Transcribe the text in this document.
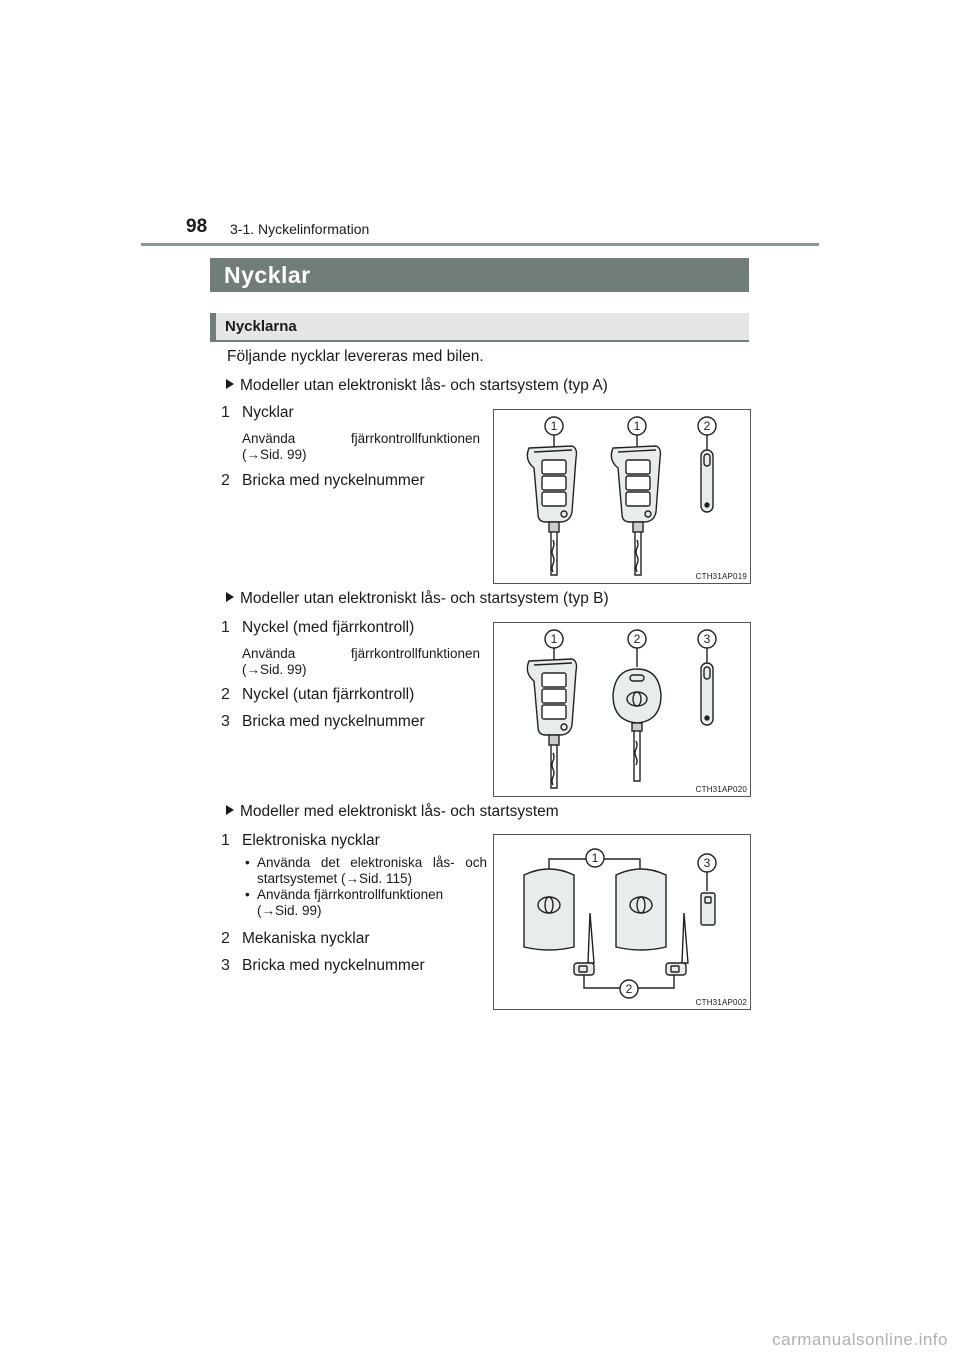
98 3-1. Nyckelinformation
Nycklar
Nycklarna
Följande nycklar levereras med bilen.
Modeller utan elektroniskt lås- och startsystem (typ A)
1 Nycklar
Använda	fjärrkontrollfunktionen
(→Sid. 99)
2 Bricka med nyckelnummer
1	1	2
CTH31AP019
Modeller utan elektroniskt lås- och startsystem (typ B)
1 Nyckel (med fjärrkontroll)
Använda	fjärrkontrollfunktionen
(→Sid. 99)
2 Nyckel (utan fjärrkontroll)
3 Bricka med nyckelnummer
1	2	3
CTH31AP020
Modeller med elektroniskt lås- och startsystem
1 Elektroniska nycklar
• Använda det elektroniska lås- och startsystemet (→Sid. 115)
• Använda fjärrkontrollfunktionen (→Sid. 99)
2 Mekaniska nycklar
3 Bricka med nyckelnummer
1	3
2
CTH31AP002
carmanualsonline.info
